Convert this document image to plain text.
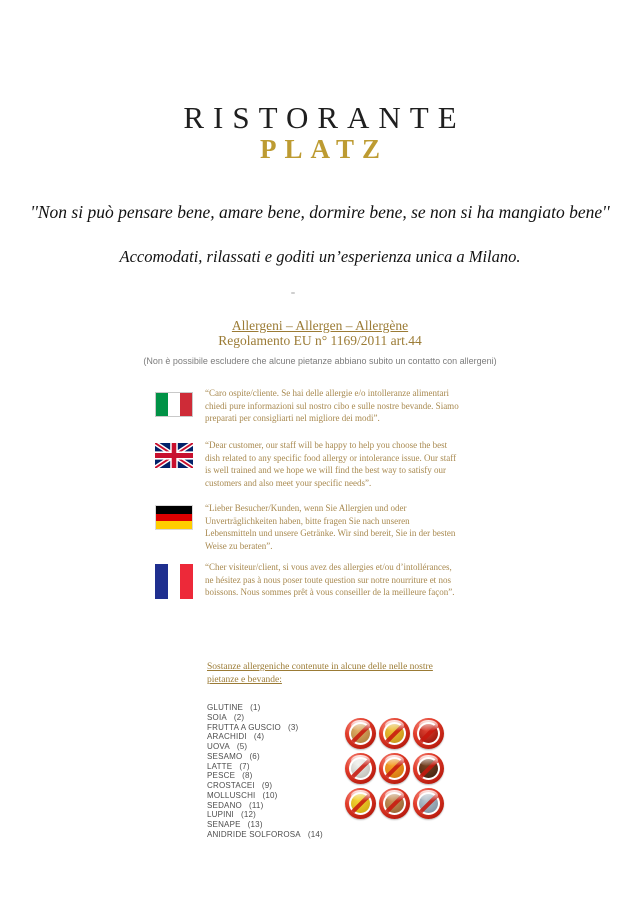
RISTORANTE
PLATZ
''Non si può pensare bene, amare bene, dormire bene, se non si ha mangiato bene''
Accomodati, rilassati e goditi un’esperienza unica a Milano.
Allergeni – Allergen – Allergène
Regolamento EU n° 1169/2011 art.44
(Non è possibile escludere che alcune pietanze abbiano subito un contatto con allergeni)
“Caro ospite/cliente. Se hai delle allergie e/o intolleranze alimentari chiedi pure informazioni sul nostro cibo e sulle nostre bevande. Siamo preparati per consigliarti nel migliore dei modi”.
“Dear customer, our staff will be happy to help you choose the best dish related to any specific food allergy or intolerance issue. Our staff is well trained and we hope we will find the best way to satisfy our customers and also meet your specific needs”.
“Lieber Besucher/Kunden, wenn Sie Allergien und oder Unverträglichkeiten haben, bitte fragen Sie nach unseren Lebensmitteln und unsere Getränke. Wir sind bereit, Sie in der besten Weise zu beraten”.
“Cher visiteur/client, si vous avez des allergies et/ou d’intollérances, ne hésitez pas à nous poser toute question sur notre nourriture et nos boissons. Nous sommes prêt à vous conseiller de la meilleure façon”.
Sostanze allergeniche contenute in alcune delle nelle nostre pietanze e bevande:
GLUTINE (1)
SOIA (2)
FRUTTA A GUSCIO (3)
ARACHIDI (4)
UOVA (5)
SESAMO (6)
LATTE (7)
PESCE (8)
CROSTACEI (9)
MOLLUSCHI (10)
SEDANO (11)
LUPINI (12)
SENAPE (13)
ANIDRIDE SOLFOROSA (14)
